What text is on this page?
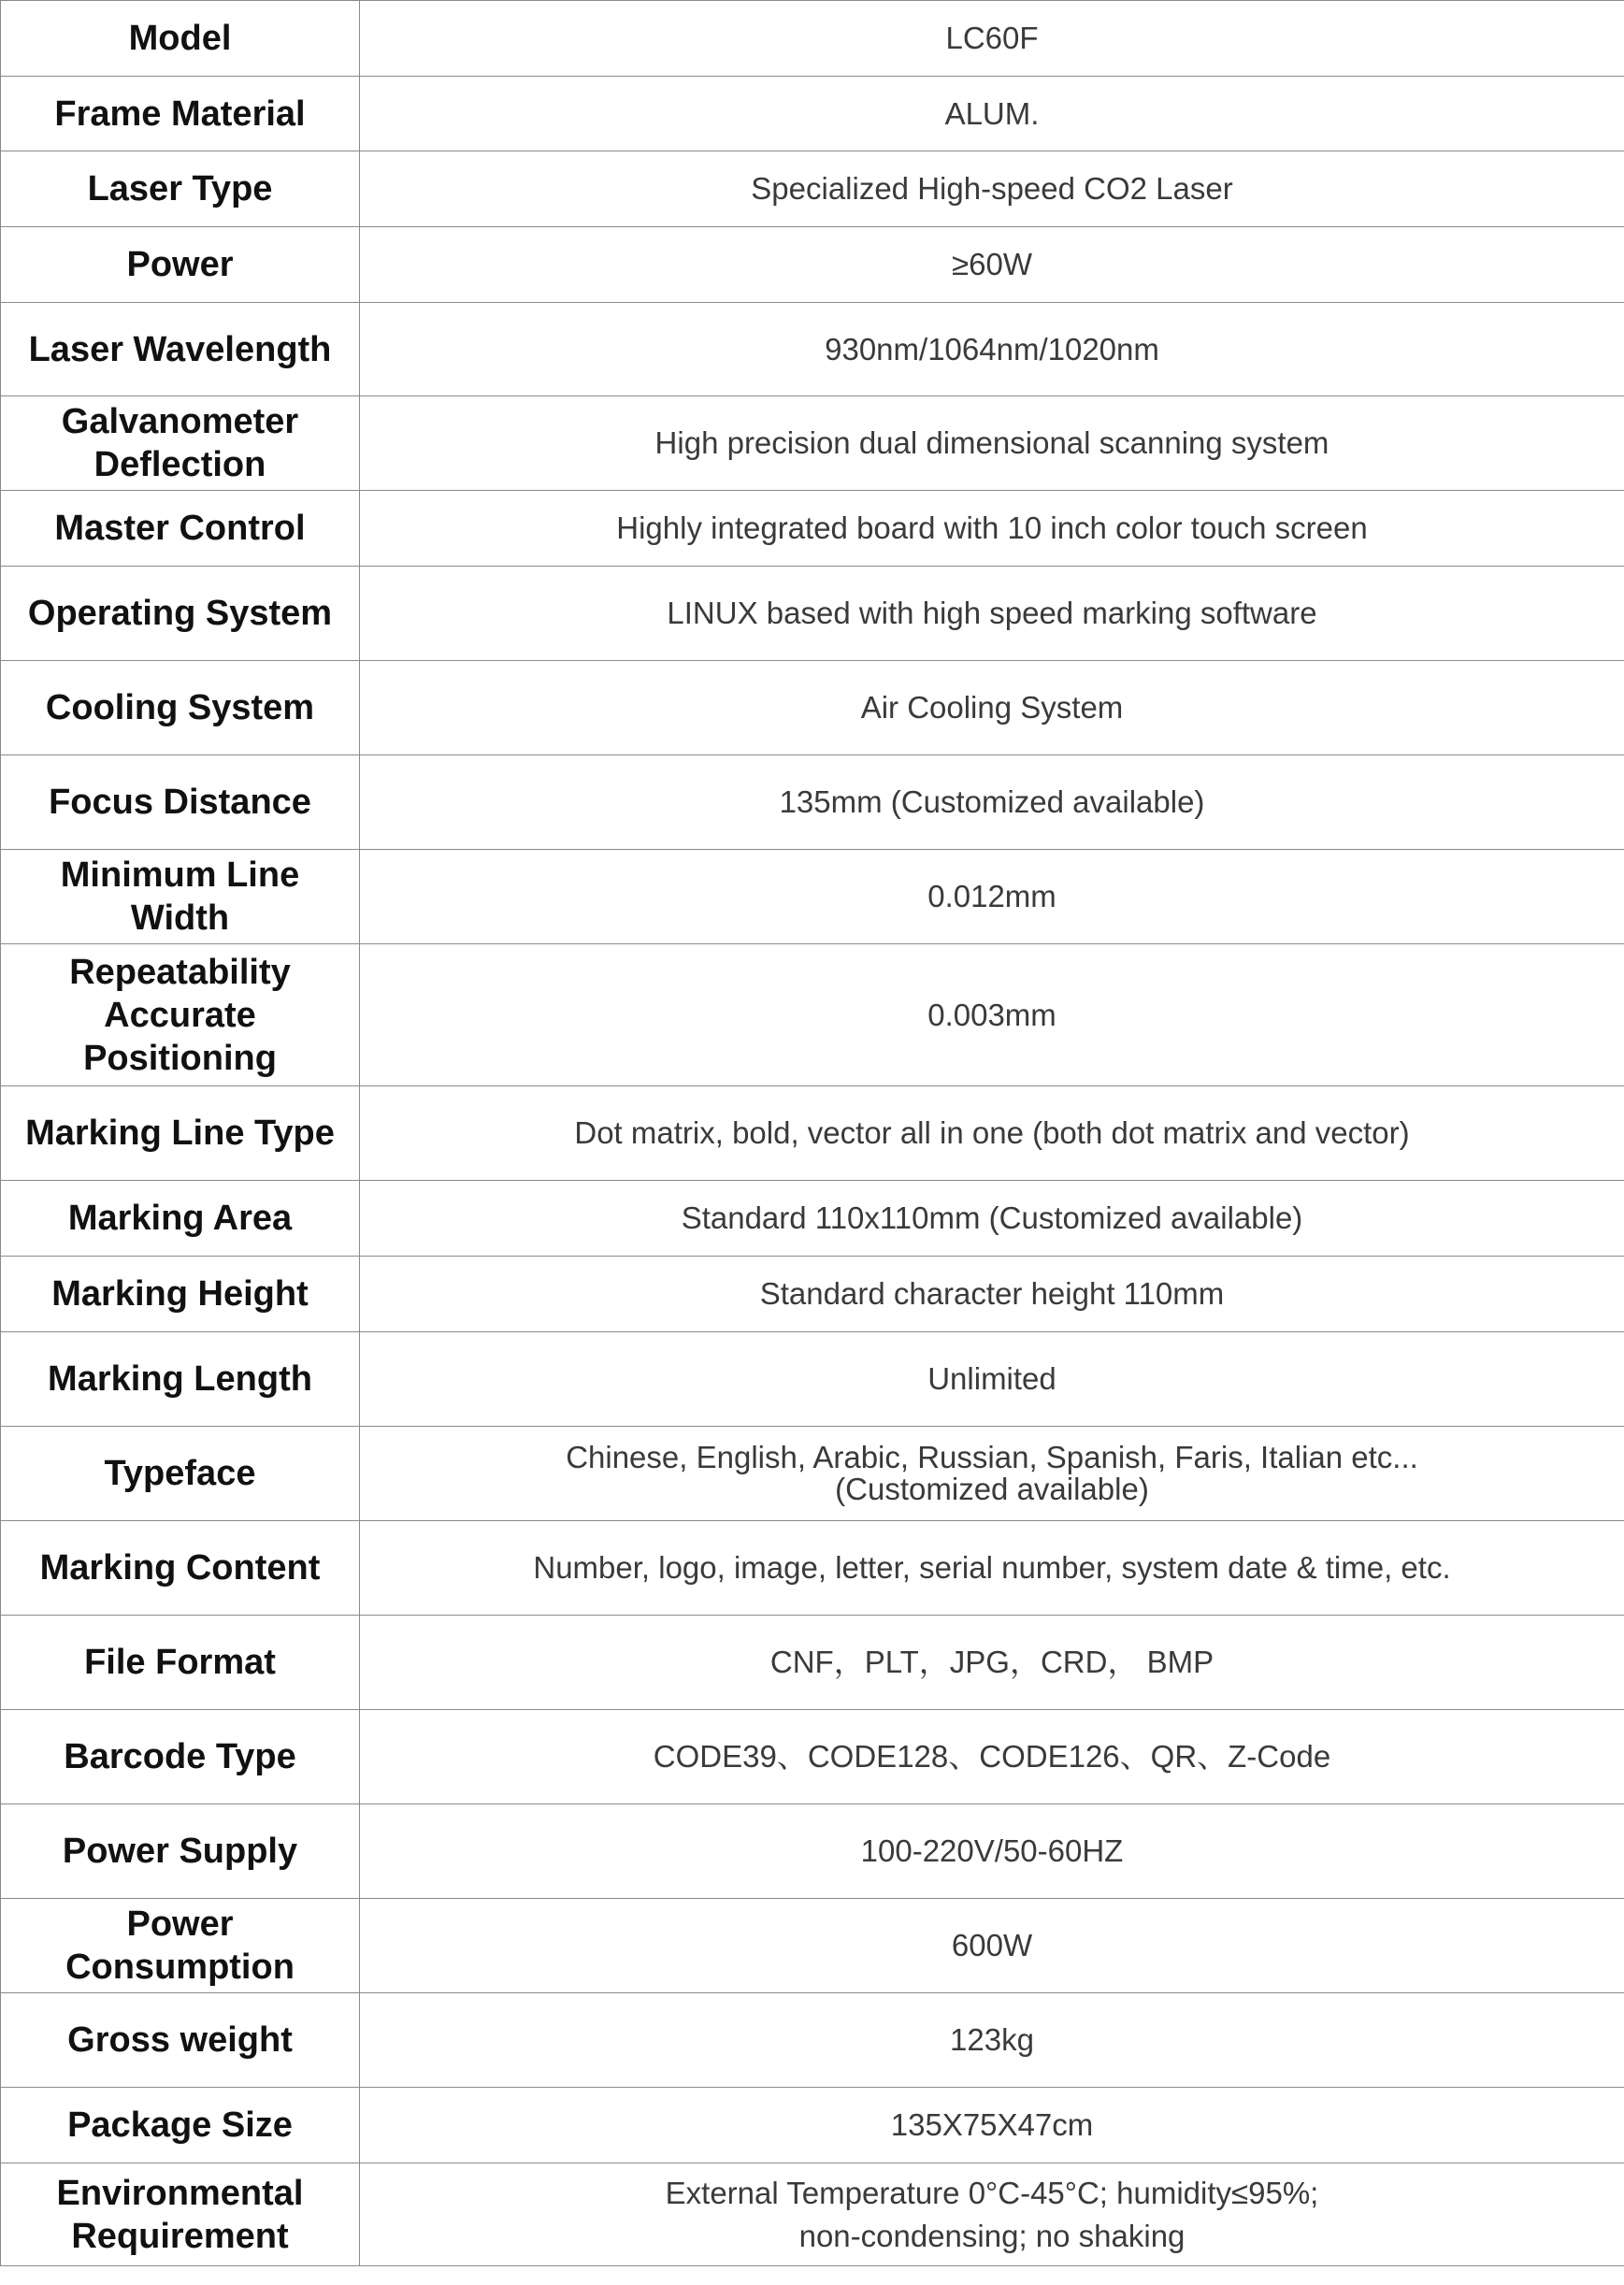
Model	LC60F
Frame Material	ALUM.
Laser Type	Specialized High-speed CO2 Laser
Power	≥60W
Laser Wavelength	930nm/1064nm/1020nm
Galvanometer Deflection	High precision dual dimensional scanning system
Master Control	Highly integrated board with 10 inch color touch screen
Operating System	LINUX based with high speed marking software
Cooling System	Air Cooling System
Focus Distance	135mm (Customized available)
Minimum Line Width	0.012mm
Repeatability Accurate Positioning	0.003mm
Marking Line Type	Dot matrix, bold, vector all in one (both dot matrix and vector)
Marking Area	Standard 110x110mm (Customized available)
Marking Height	Standard character height 110mm
Marking Length	Unlimited
Typeface	Chinese, English, Arabic, Russian, Spanish, Faris, Italian etc...
(Customized available)

Marking Content	Number, logo, image, letter, serial number, system date & time, etc.
File Format	CNF，PLT，JPG，CRD， BMP
Barcode Type	CODE39、CODE128、CODE126、QR、Z-Code
Power Supply	100-220V/50-60HZ
Power Consumption	600W
Gross weight	123kg
Package Size	135X75X47cm
Environmental Requirement	External Temperature 0°C-45°C; humidity≤95%;
non-condensing; no shaking
